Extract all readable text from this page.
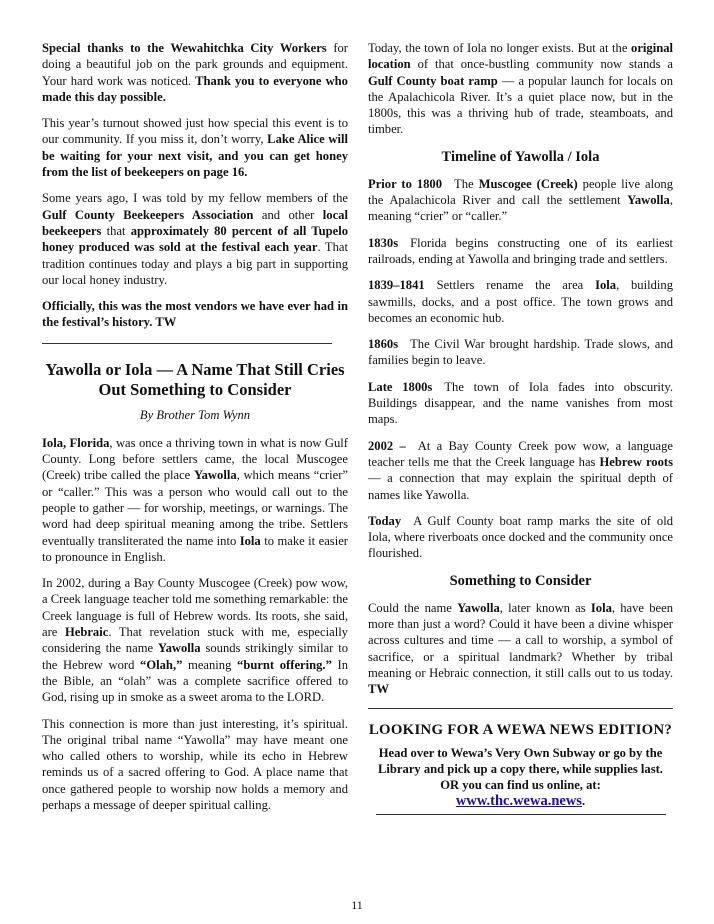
Special thanks to the Wewahitchka City Workers for doing a beautiful job on the park grounds and equipment. Your hard work was noticed. Thank you to everyone who made this day possible.

This year’s turnout showed just how special this event is to our community. If you miss it, don’t worry, Lake Alice will be waiting for your next visit, and you can get honey from the list of beekeepers on page 16.

Some years ago, I was told by my fellow members of the Gulf County Beekeepers Association and other local beekeepers that approximately 80 percent of all Tupelo honey produced was sold at the festival each year. That tradition continues today and plays a big part in supporting our local honey industry.

Officially, this was the most vendors we have ever had in the festival’s history. TW

Yawolla or Iola — A Name That Still Cries Out Something to Consider
By Brother Tom Wynn

Iola, Florida, was once a thriving town in what is now Gulf County. Long before settlers came, the local Muscogee (Creek) tribe called the place Yawolla, which means “crier” or “caller.” This was a person who would call out to the people to gather — for worship, meetings, or warnings. The word had deep spiritual meaning among the tribe. Settlers eventually transliterated the name into Iola to make it easier to pronounce in English.

In 2002, during a Bay County Muscogee (Creek) pow wow, a Creek language teacher told me something remarkable: the Creek language is full of Hebrew words. Its roots, she said, are Hebraic. That revelation stuck with me, especially considering the name Yawolla sounds strikingly similar to the Hebrew word “Olah,” meaning “burnt offering.” In the Bible, an “olah” was a complete sacrifice offered to God, rising up in smoke as a sweet aroma to the LORD.

This connection is more than just interesting, it’s spiritual. The original tribal name “Yawolla” may have meant one who called others to worship, while its echo in Hebrew reminds us of a sacred offering to God. A place name that once gathered people to worship now holds a memory and perhaps a message of deeper spiritual calling.

Today, the town of Iola no longer exists. But at the original location of that once-bustling community now stands a Gulf County boat ramp — a popular launch for locals on the Apalachicola River. It’s a quiet place now, but in the 1800s, this was a thriving hub of trade, steamboats, and timber.

Timeline of Yawolla / Iola

Prior to 1800 The Muscogee (Creek) people live along the Apalachicola River and call the settlement Yawolla, meaning “crier” or “caller.”

1830s Florida begins constructing one of its earliest railroads, ending at Yawolla and bringing trade and settlers.

1839–1841 Settlers rename the area Iola, building sawmills, docks, and a post office. The town grows and becomes an economic hub.

1860s The Civil War brought hardship. Trade slows, and families begin to leave.

Late 1800s The town of Iola fades into obscurity. Buildings disappear, and the name vanishes from most maps.

2002 – At a Bay County Creek pow wow, a language teacher tells me that the Creek language has Hebrew roots — a connection that may explain the spiritual depth of names like Yawolla.

Today A Gulf County boat ramp marks the site of old Iola, where riverboats once docked and the community once flourished.

Something to Consider

Could the name Yawolla, later known as Iola, have been more than just a word? Could it have been a divine whisper across cultures and time — a call to worship, a symbol of sacrifice, or a spiritual landmark? Whether by tribal meaning or Hebraic connection, it still calls out to us today. TW

LOOKING FOR A WEWA NEWS EDITION?
Head over to Wewa’s Very Own Subway or go by the Library and pick up a copy there, while supplies last. OR you can find us online, at:
www.thc.wewa.news.
11
